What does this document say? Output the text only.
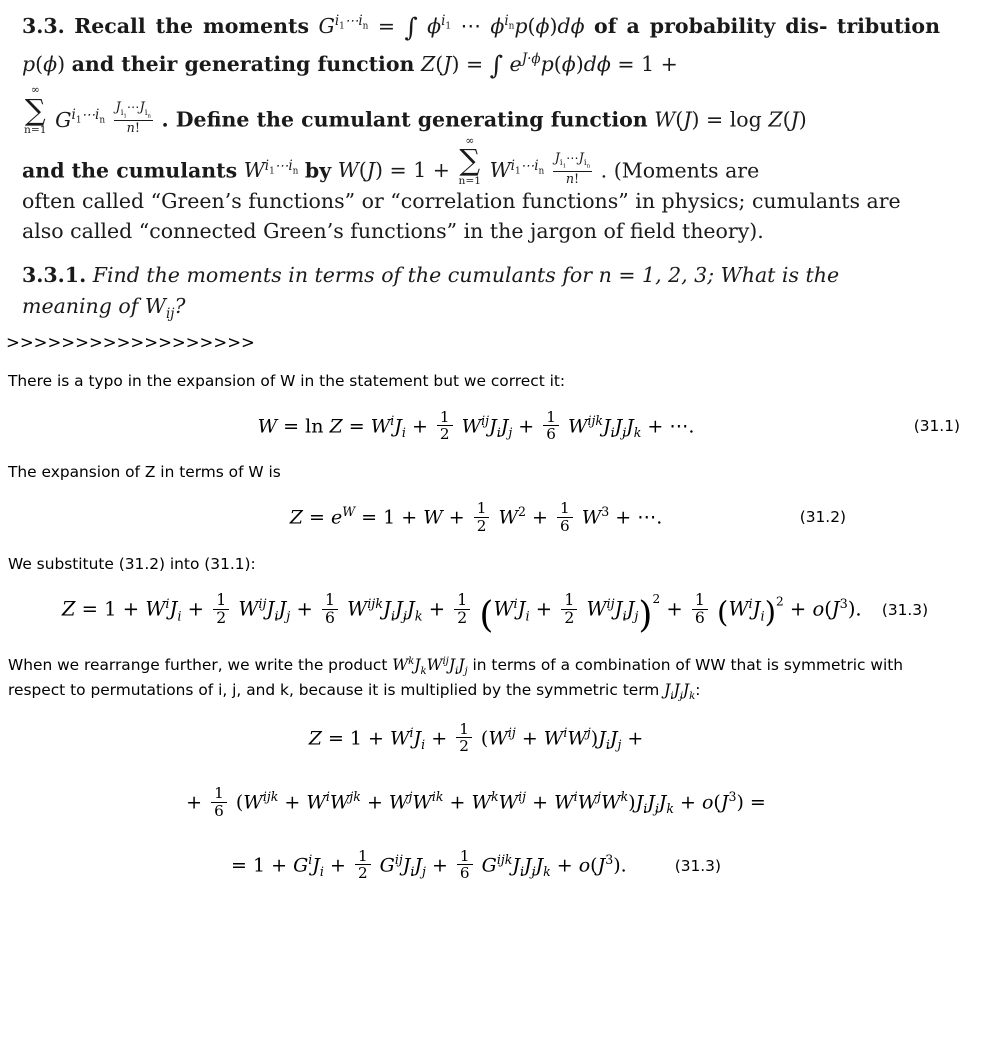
3.3. Recall the moments $G^{i_1\cdots i_n}$ = ∫ $\phi^{i_1}$ ⋯ $\phi^{i_n}p(\phi)d\phi$ of a probability dis- tribution p(ϕ) and their generating function Z(J) = ∫ $e^{J\cdot\phi}p(\phi)d\phi = 1$ +

∞
∑
n=1 $G^{i_1\cdots i_n} \frac{J_{i_1}\cdots J_{i_n}}{n!}$ . Define the cumulant generating function W(J) = log Z(J)
and the cumulants $W^{i_1\cdots i_n}$ by W(J) = 1 +
∞
∑
n=1 $W^{i_1\cdots i_n} \frac{J_{i_1}\cdots J_{i_n}}{n!}$ . (Moments are
often called “Green’s functions” or “correlation functions” in physics; cumulants are
also called “connected Green’s functions” in the jargon of field theory).
3.3.1. Find the moments in terms of the cumulants for n = 1, 2, 3; What is the
meaning of $W_{ij}$?
>>>>>>>>>>>>>>>>>>
There is a typo in the expansion of W in the statement but we correct it:
$W = \ln Z = W^iJ_i + \frac{1}{2} W^{ij}J_iJ_j + \frac{1}{6} W^{ijk}J_iJ_jJ_k$ + ⋯.	(31.1)
The expansion of Z in terms of W is
$Z = e^W = 1 + W + \frac{1}{2} W^2 + \frac{1}{6} W^3$ + ⋯.	(31.2)
We substitute (31.2) into (31.1):
$Z = 1 + W^iJ_i + \frac{1}{2} W^{ij}J_iJ_j + \frac{1}{6} W^{ijk}J_iJ_jJ_k + \frac{1}{2} (W^iJ_i + \frac{1}{2} W^{ij}J_iJ_j)^2 + \frac{1}{6} (W^iJ_i)^2 + o(J^3)$. (31.3)
When we rearrange further, we write the product $W^kJ_kW^{ij}J_iJ_j$ in terms of a combination of WW that is symmetric with respect to permutations of i, j, and k, because it is multiplied by the symmetric term $J_iJ_jJ_k$:
$Z = 1 + W^iJ_i + \frac{1}{2} (W^{ij} + W^iW^j)J_iJ_j$ +
+ $\frac{1}{6} (W^{ijk} + W^iW^{jk} + W^jW^{ik} + W^kW^{ij} + W^iW^jW^k)J_iJ_jJ_k + o(J^3)$ =
= $1 + G^iJ_i + \frac{1}{2} G^{ij}J_iJ_j + \frac{1}{6} G^{ijk}J_iJ_jJ_k + o(J^3)$.	(31.3)
